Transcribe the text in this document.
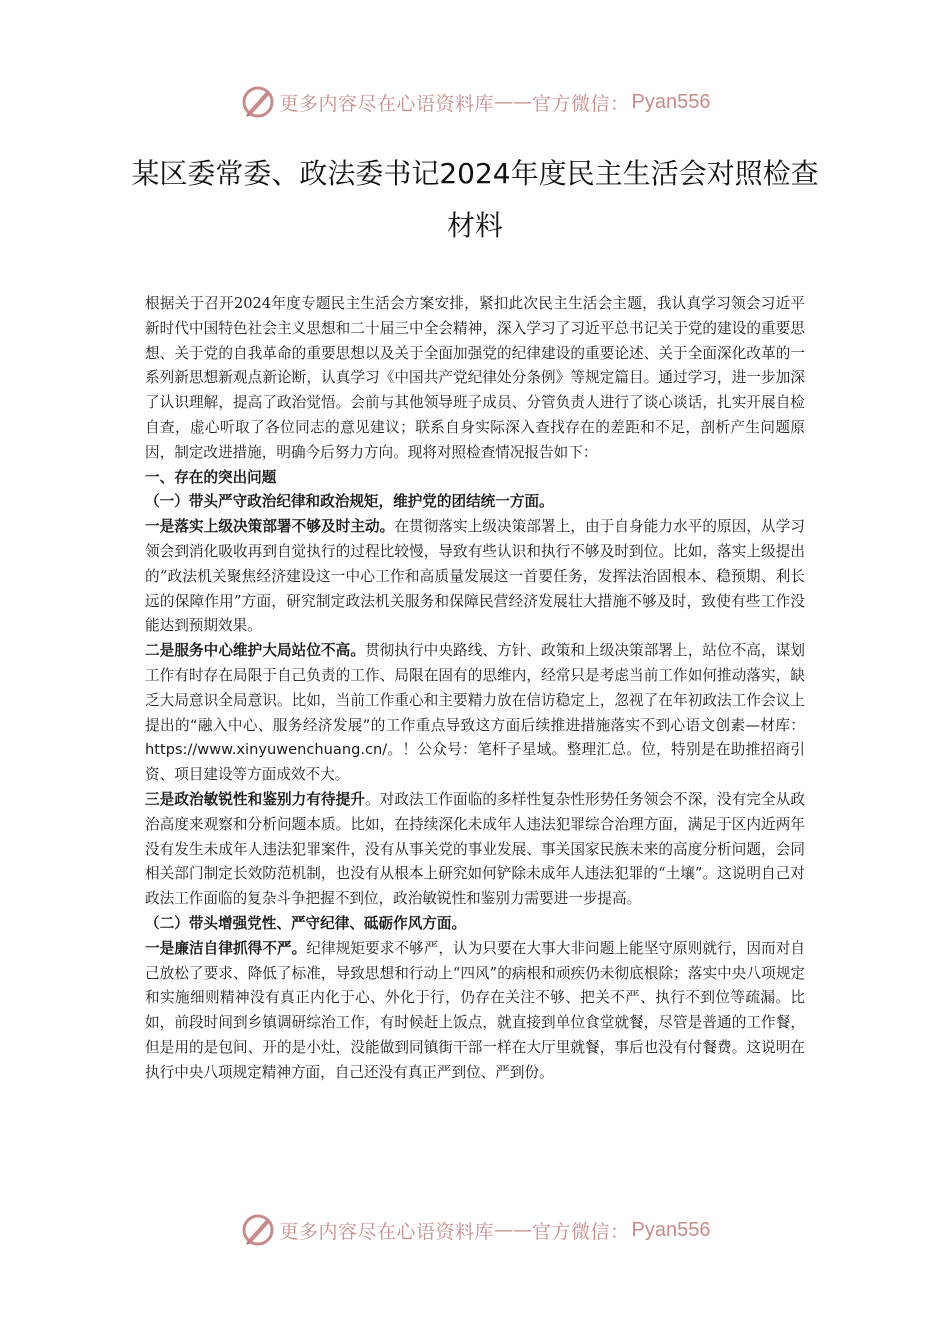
更多内容尽在心语资料库 —— 官方微信： Pyan556
某区委常委、政法委书记2024年度民主生活会对照检查材料

根据关于召开2024年度专题民主生活会方案安排，紧扣此次民主生活会主题，我认真学习领会习近平新时代中国特色社会主义思想和二十届三中全会精神，深入学习了习近平总书记关于党的建设的重要思想、关于党的自我革命的重要思想以及关于全面加强党的纪律建设的重要论述、关于全面深化改革的一系列新思想新观点新论断，认真学习《中国共产党纪律处分条例》等规定篇目。通过学习，进一步加深了认识理解，提高了政治觉悟。会前与其他领导班子成员、分管负责人进行了谈心谈话，扎实开展自检自查，虚心听取了各位同志的意见建议；联系自身实际深入查找存在的差距和不足，剖析产生问题原因，制定改进措施，明确今后努力方向。现将对照检查情况报告如下：

一、存在的突出问题

（一）带头严守政治纪律和政治规矩，维护党的团结统一方面。

一是落实上级决策部署不够及时主动。在贯彻落实上级决策部署上，由于自身能力水平的原因，从学习领会到消化吸收再到自觉执行的过程比较慢，导致有些认识和执行不够及时到位。比如，落实上级提出的“政法机关聚焦经济建设这一中心工作和高质量发展这一首要任务，发挥法治固根本、稳预期、利长远的保障作用”方面，研究制定政法机关服务和保障民营经济发展壮大措施不够及时，致使有些工作没能达到预期效果。

二是服务中心维护大局站位不高。贯彻执行中央路线、方针、政策和上级决策部署上，站位不高，谋划工作有时存在局限于自己负责的工作、局限在固有的思维内，经常只是考虑当前工作如何推动落实，缺乏大局意识全局意识。比如，当前工作重心和主要精力放在信访稳定上，忽视了在年初政法工作会议上提出的“融入中心、服务经济发展”的工作重点导致这方面后续推进措施落实不到心语文创素—材库：https://www.xinyuwenchuang.cn/。！公众号：笔杆子星域。整理汇总。位，特别是在助推招商引资、项目建设等方面成效不大。

三是政治敏锐性和鉴别力有待提升。对政法工作面临的多样性复杂性形势任务领会不深，没有完全从政治高度来观察和分析问题本质。比如，在持续深化未成年人违法犯罪综合治理方面，满足于区内近两年没有发生未成年人违法犯罪案件，没有从事关党的事业发展、事关国家民族未来的高度分析问题，会同相关部门制定长效防范机制，也没有从根本上研究如何铲除未成年人违法犯罪的“土壤”。这说明自己对政法工作面临的复杂斗争把握不到位，政治敏锐性和鉴别力需要进一步提高。

（二）带头增强党性、严守纪律、砥砺作风方面。

一是廉洁自律抓得不严。纪律规矩要求不够严，认为只要在大事大非问题上能坚守原则就行，因而对自己放松了要求、降低了标准，导致思想和行动上“四风”的病根和顽疾仍未彻底根除；落实中央八项规定和实施细则精神没有真正内化于心、外化于行，仍存在关注不够、把关不严、执行不到位等疏漏。比如，前段时间到乡镇调研综治工作，有时候赶上饭点，就直接到单位食堂就餐，尽管是普通的工作餐，但是用的是包间、开的是小灶，没能做到同镇街干部一样在大厅里就餐，事后也没有付餐费。这说明在执行中央八项规定精神方面，自己还没有真正严到位、严到份。

更多内容尽在心语资料库 —— 官方微信： Pyan556
